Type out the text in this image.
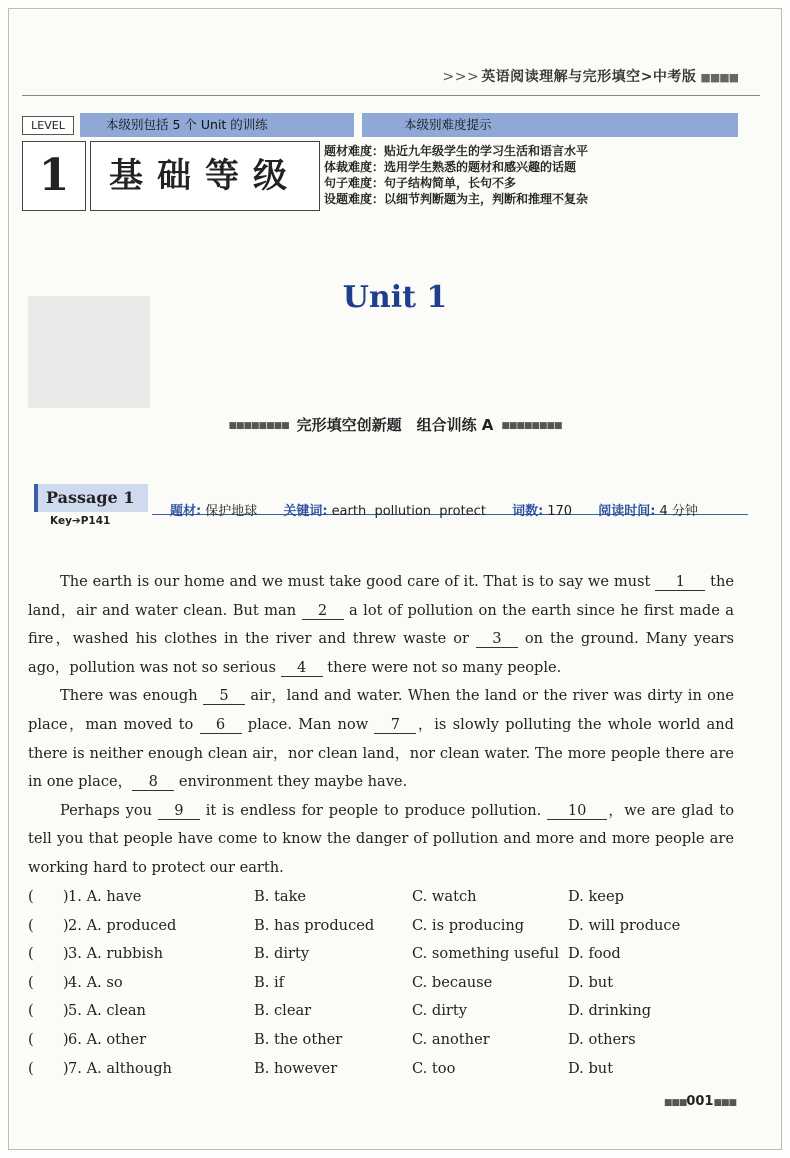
>>> 英语阅读理解与完形填空>中考版 ■■■■
LEVEL	本级别包括 5 个 Unit 的训练	本级别难度提示
1	基础等级
题材难度：贴近九年级学生的学习生活和语言水平
体裁难度：选用学生熟悉的题材和感兴趣的话题
句子难度：句子结构简单，长句不多
设题难度：以细节判断题为主，判断和推理不复杂
Unit 1
■■■■■■■■ 完形填空创新题　组合训练 A ■■■■■■■■
Passage 1
Key➔P141
题材: 保护地球 关键词: earth  pollution  protect 词数: 170 阅读时间: 4 分钟

The earth is our home and we must take good care of it. That is to say we must 1 the land，air and water clean. But man 2 a lot of pollution on the earth since he first made a fire，washed his clothes in the river and threw waste or 3 on the ground. Many years ago，pollution was not so serious 4 there were not so many people.

There was enough 5 air，land and water. When the land or the river was dirty in one place，man moved to 6 place. Man now 7 ，is slowly polluting the whole world and there is neither enough clean air，nor clean land，nor clean water. The more people there are in one place， 8 environment they maybe have.

Perhaps you 9 it is endless for people to produce pollution. 10 ，we are glad to tell you that people have come to know the danger of pollution and more and more people are working hard to protect our earth.

(　　) 1. A. have	B. take	C. watch	D. keep
(　　) 2. A. produced	B. has produced	C. is producing	D. will produce
(　　) 3. A. rubbish	B. dirty	C. something useful D. food
(　　) 4. A. so	B. if	C. because	D. but
(　　) 5. A. clean	B. clear	C. dirty	D. drinking
(　　) 6. A. other	B. the other	C. another	D. others
(　　) 7. A. although	B. however	C. too	D. but
■■■001■■■
